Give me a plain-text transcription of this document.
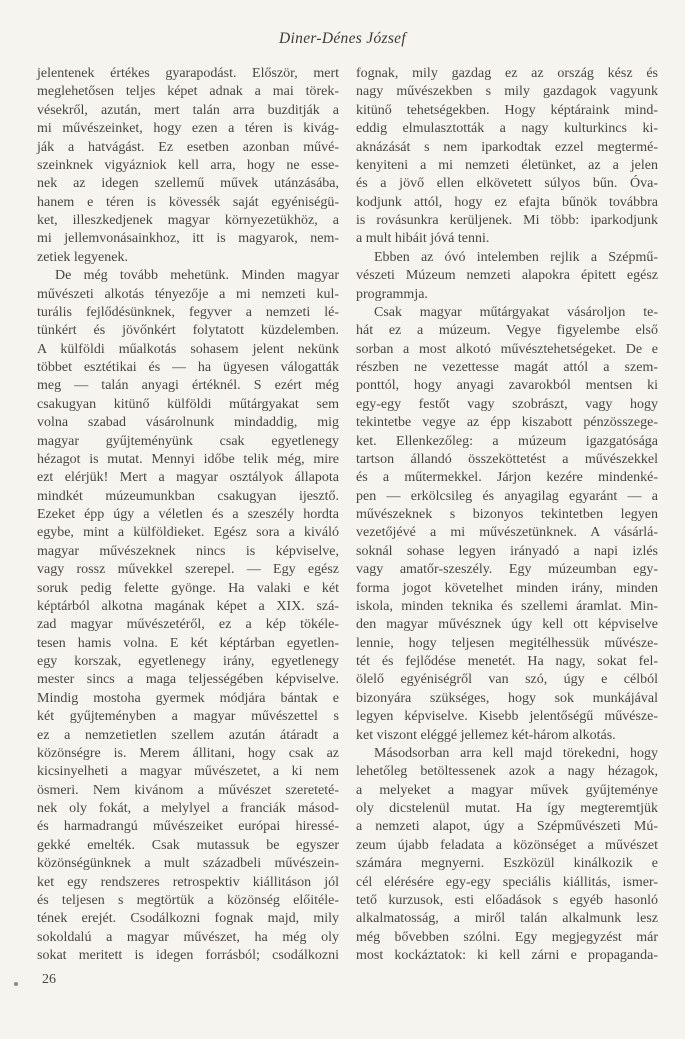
Diner-Dénes József
jelentenek értékes gyarapodást. Először, mert
meglehetősen teljes képet adnak a mai törek-
vésekről, azután, mert talán arra buzditják a
mi művészeinket, hogy ezen a téren is kivág-
ják a hatvágást. Ez esetben azonban művé-
szeinknek vigyázniok kell arra, hogy ne esse-
nek az idegen szellemű művek utánzásába,
hanem e téren is kövessék saját egyéniségü-
ket, illeszkedjenek magyar környezetükhöz, a
mi jellemvonásainkhoz, itt is magyarok, nem-
zetiek legyenek.
De még tovább mehetünk. Minden magyar
művészeti alkotás tényezője a mi nemzeti kul-
turális fejlődésünknek, fegyver a nemzeti lé-
tünkért és jövőnkért folytatott küzdelemben.
A külföldi műalkotás sohasem jelent nekünk
többet esztétikai és — ha ügyesen válogatták
meg — talán anyagi értéknél. S ezért még
csakugyan kitünő külföldi műtárgyakat sem
volna szabad vásárolnunk mindaddig, mig
magyar gyűjteményünk csak egyetlenegy
hézagot is mutat. Mennyi időbe telik még, mire
ezt elérjük! Mert a magyar osztályok állapota
mindkét múzeumunkban csakugyan ijesztő.
Ezeket épp úgy a véletlen és a szeszély hordta
egybe, mint a külföldieket. Egész sora a kiváló
magyar művészeknek nincs is képviselve,
vagy rossz művekkel szerepel. — Egy egész
soruk pedig felette gyönge. Ha valaki e két
képtárból alkotna magának képet a XIX. szá-
zad magyar művészetéről, ez a kép tökéle-
tesen hamis volna. E két képtárban egyetlen-
egy korszak, egyetlenegy irány, egyetlenegy
mester sincs a maga teljességében képviselve.
Mindig mostoha gyermek módjára bántak e
két gyűjteményben a magyar művészettel s
ez a nemzetietlen szellem azután átáradt a
közönségre is. Merem állitani, hogy csak az
kicsinyelheti a magyar művészetet, a ki nem
ösmeri. Nem kivánom a művészet szereteté-
nek oly fokát, a melylyel a franciák másod-
és harmadrangú művészeiket európai hiressé-
gekké emelték. Csak mutassuk be egyszer
közönségünknek a mult századbeli művészein-
ket egy rendszeres retrospektiv kiállitáson jól
és teljesen s megtörtük a közönség előitéle-
tének erejét. Csodálkozni fognak majd, mily
sokoldalú a magyar művészet, ha még oly
sokat meritett is idegen forrásból; csodálkozni
fognak, mily gazdag ez az ország kész és
nagy művészekben s mily gazdagok vagyunk
kitünő tehetségekben. Hogy képtáraink mind-
eddig elmulasztották a nagy kulturkincs ki-
aknázását s nem iparkodtak ezzel megtermé-
kenyiteni a mi nemzeti életünket, az a jelen
és a jövő ellen elkövetett súlyos bűn. Óva-
kodjunk attól, hogy ez efajta bűnök továbbra
is rovásunkra kerüljenek. Mi több: iparkodjunk
a mult hibáit jóvá tenni.
Ebben az óvó intelemben rejlik a Szépmű-
vészeti Múzeum nemzeti alapokra épitett egész
programmja.
Csak magyar műtárgyakat vásároljon te-
hát ez a múzeum. Vegye figyelembe első
sorban a most alkotó művésztehetségeket. De e
részben ne vezettesse magát attól a szem-
ponttól, hogy anyagi zavarokból mentsen ki
egy-egy festőt vagy szobrászt, vagy hogy
tekintetbe vegye az épp kiszabott pénzösszege-
ket. Ellenkezőleg: a múzeum igazgatósága
tartson állandó összeköttetést a művészekkel
és a műtermekkel. Járjon kezére mindenké-
pen — erkölcsileg és anyagilag egyaránt — a
művészeknek s bizonyos tekintetben legyen
vezetőjévé a mi művészetünknek. A vásárlá-
soknál sohase legyen irányadó a napi izlés
vagy amatőr-szeszély. Egy múzeumban egy-
forma jogot követelhet minden irány, minden
iskola, minden teknika és szellemi áramlat. Min-
den magyar művésznek úgy kell ott képviselve
lennie, hogy teljesen megitélhessük művésze-
tét és fejlődése menetét. Ha nagy, sokat fel-
ölelő egyéniségről van szó, úgy e célból
bizonyára szükséges, hogy sok munkájával
legyen képviselve. Kisebb jelentőségű művésze-
ket viszont eléggé jellemez két-három alkotás.
Másodsorban arra kell majd törekedni, hogy
lehetőleg betöltessenek azok a nagy hézagok,
a melyeket a magyar művek gyűjteménye
oly dicstelenül mutat. Ha így megteremtjük
a nemzeti alapot, úgy a Szépművészeti Mú-
zeum újabb feladata a közönséget a művészet
számára megnyerni. Eszközül kinálkozik e
cél elérésére egy-egy speciális kiállitás, ismer-
tető kurzusok, esti előadások s egyéb hasonló
alkalmatosság, a miről talán alkalmunk lesz
még bővebben szólni. Egy megjegyzést már
most kockáztatok: ki kell zárni e propaganda-
26
